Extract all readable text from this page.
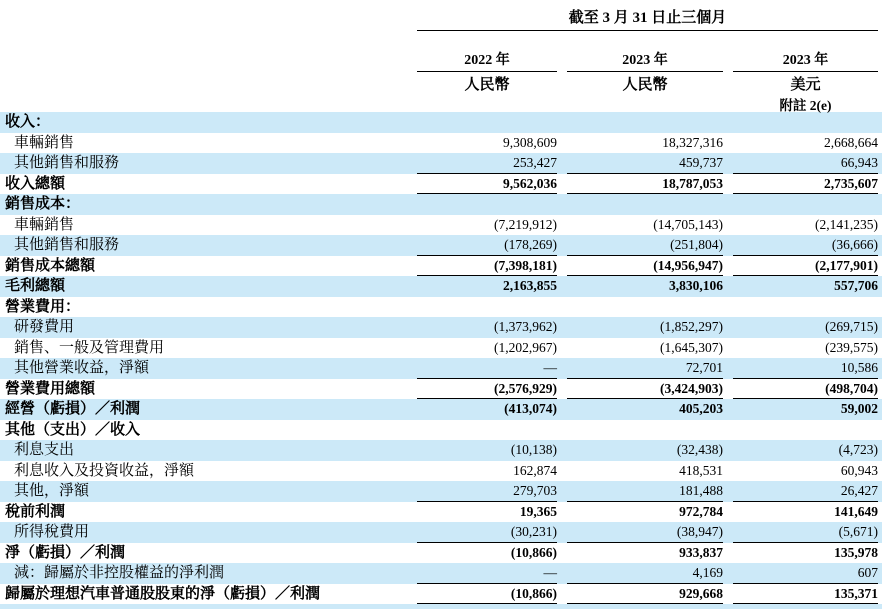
截至 3 月 31 日止三個月
2022 年	2023 年	2023 年
人民幣	人民幣	美元
附註 2(e)
收入：
車輛銷售	9,308,609	18,327,316	2,668,664
其他銷售和服務	253,427	459,737	66,943
收入總額	9,562,036	18,787,053	2,735,607
銷售成本：
車輛銷售	(7,219,912)	(14,705,143)	(2,141,235)
其他銷售和服務	(178,269)	(251,804)	(36,666)
銷售成本總額	(7,398,181)	(14,956,947)	(2,177,901)
毛利總額	2,163,855	3,830,106	557,706
營業費用：
研發費用	(1,373,962)	(1,852,297)	(269,715)
銷售、一般及管理費用	(1,202,967)	(1,645,307)	(239,575)
其他營業收益，淨額	—	72,701	10,586
營業費用總額	(2,576,929)	(3,424,903)	(498,704)
經營（虧損）／利潤	(413,074)	405,203	59,002
其他（支出）／收入
利息支出	(10,138)	(32,438)	(4,723)
利息收入及投資收益，淨額	162,874	418,531	60,943
其他，淨額	279,703	181,488	26,427
稅前利潤	19,365	972,784	141,649
所得稅費用	(30,231)	(38,947)	(5,671)
淨（虧損）／利潤	(10,866)	933,837	135,978
減：歸屬於非控股權益的淨利潤	—	4,169	607
歸屬於理想汽車普通股股東的淨（虧損）／利潤	(10,866)	929,668	135,371
